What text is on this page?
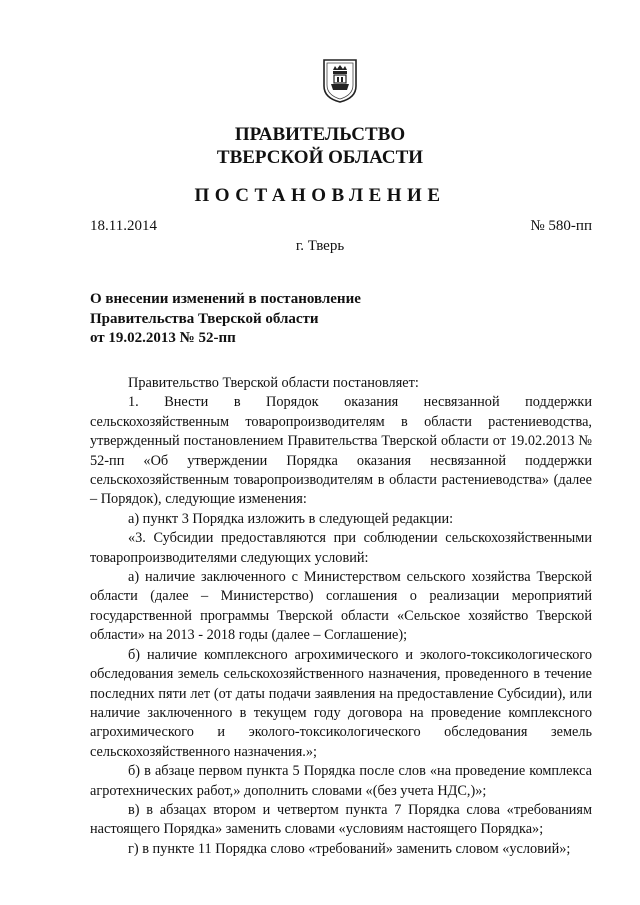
ПРАВИТЕЛЬСТВО
ТВЕРСКОЙ ОБЛАСТИ
ПОСТАНОВЛЕНИЕ
18.11.2014	№ 580-пп
г. Тверь
О внесении изменений в постановление
Правительства Тверской области
от 19.02.2013 № 52-пп

Правительство Тверской области постановляет:

1. Внести в Порядок оказания несвязанной поддержки сельскохозяйственным товаропроизводителям в области растениеводства, утвержденный постановлением Правительства Тверской области от 19.02.2013 № 52-пп «Об утверждении Порядка оказания несвязанной поддержки сельскохозяйственным товаропроизводителям в области растениеводства» (далее – Порядок), следующие изменения:

а) пункт 3 Порядка изложить в следующей редакции:

«3. Субсидии предоставляются при соблюдении сельскохозяйственными товаропроизводителями следующих условий:

а) наличие заключенного с Министерством сельского хозяйства Тверской области (далее – Министерство) соглашения о реализации мероприятий государственной программы Тверской области «Сельское хозяйство Тверской области» на 2013 - 2018 годы (далее – Соглашение);

б) наличие комплексного агрохимического и эколого-токсикологического обследования земель сельскохозяйственного назначения, проведенного в течение последних пяти лет (от даты подачи заявления на предоставление Субсидии), или наличие заключенного в текущем году договора на проведение комплексного агрохимического и эколого-токсикологического обследования земель сельскохозяйственного назначения.»;

б) в абзаце первом пункта 5 Порядка после слов «на проведение комплекса агротехнических работ,» дополнить словами «(без учета НДС,)»;

в) в абзацах втором и четвертом пункта 7 Порядка слова «требованиям настоящего Порядка» заменить словами «условиям настоящего Порядка»;

г) в пункте 11 Порядка слово «требований» заменить словом «условий»;
